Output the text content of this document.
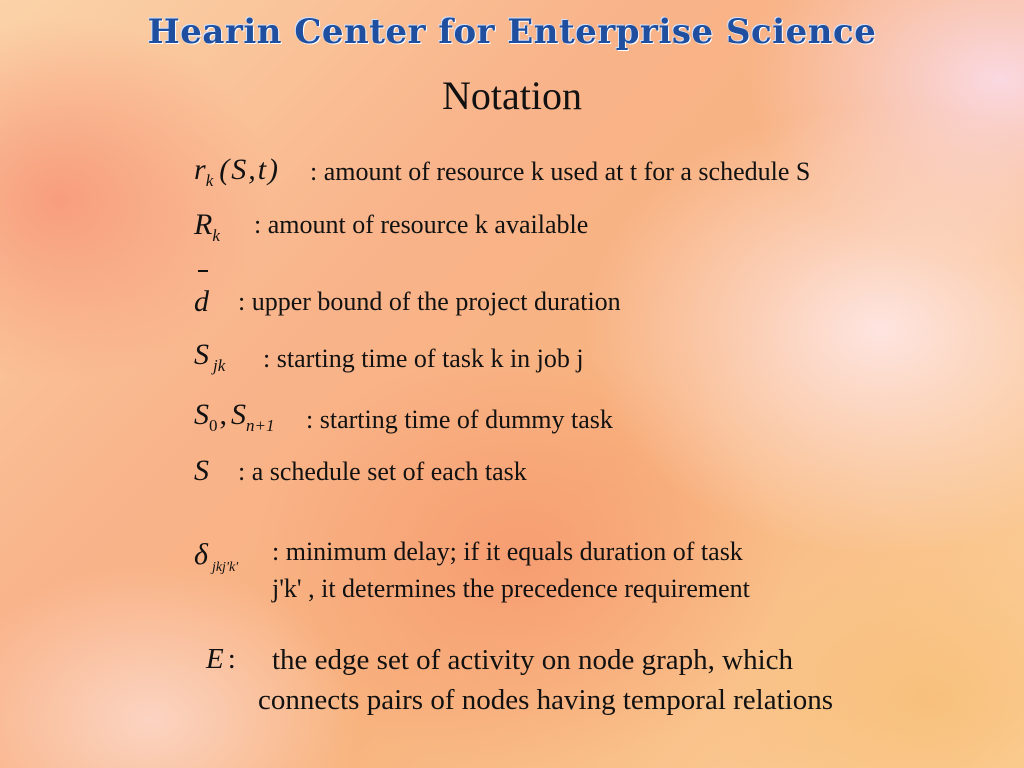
Hearin Center for Enterprise Science
Notation
$r_k$ (S,t) : amount of resource k used at t for a schedule S
$R_k$ : amount of resource k available
d : upper bound of the project duration
S $_{jk}$ : starting time of task k in job j
$S_0$, $S_{n+1}$ : starting time of dummy task
S : a schedule set of each task
δ $_{jkj'k'}$
: minimum delay; if it equals duration of task
j'k' , it determines the precedence requirement
E : the edge set of activity on node graph, which
connects pairs of nodes having temporal relations
